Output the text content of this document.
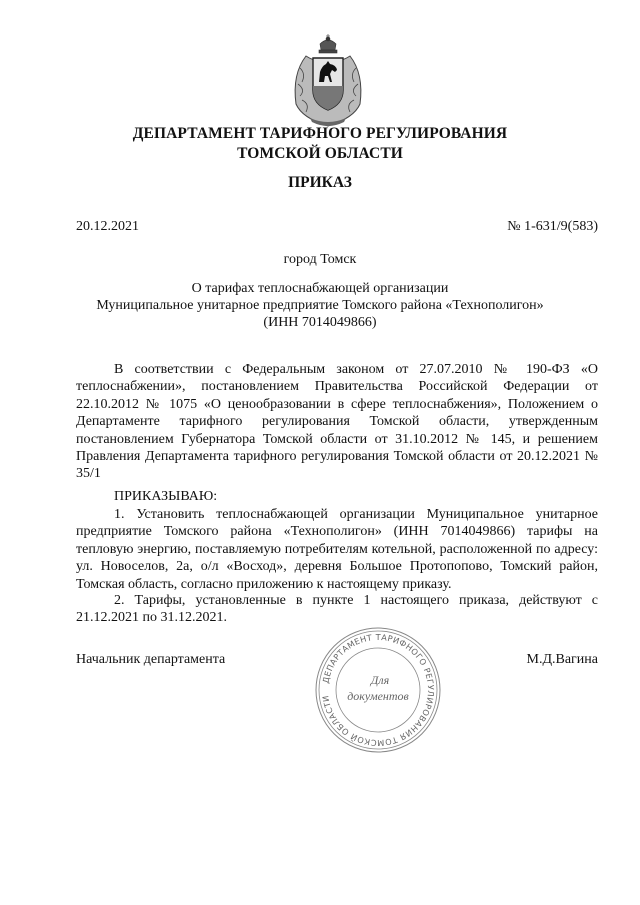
ДЕПАРТАМЕНТ ТАРИФНОГО РЕГУЛИРОВАНИЯ
ТОМСКОЙ ОБЛАСТИ
ПРИКАЗ
20.12.2021	№ 1-631/9(583)
город Томск
О тарифах теплоснабжающей организации
Муниципальное унитарное предприятие Томского района «Технополигон»
(ИНН 7014049866)
В соответствии с Федеральным законом от 27.07.2010 № 190-ФЗ «О теплоснабжении», постановлением Правительства Российской Федерации от 22.10.2012 № 1075 «О ценообразовании в сфере теплоснабжения», Положением о Департаменте тарифного регулирования Томской области, утвержденным постановлением Губернатора Томской области от 31.10.2012 № 145, и решением Правления Департамента тарифного регулирования Томской области от 20.12.2021 № 35/1
ПРИКАЗЫВАЮ:
1. Установить теплоснабжающей организации Муниципальное унитарное предприятие Томского района «Технополигон» (ИНН 7014049866) тарифы на тепловую энергию, поставляемую потребителям котельной, расположенной по адресу: ул. Новоселов, 2а, о/л «Восход», деревня Большое Протопопово, Томский район, Томская область, согласно приложению к настоящему приказу.
2. Тарифы, установленные в пункте 1 настоящего приказа, действуют с 21.12.2021 по 31.12.2021.
Начальник департамента	М.Д.Вагина
ДЕПАРТАМЕНТ ТАРИФНОГО РЕГУЛИРОВАНИЯ ТОМСКОЙ ОБЛАСТИ
Для
документов
